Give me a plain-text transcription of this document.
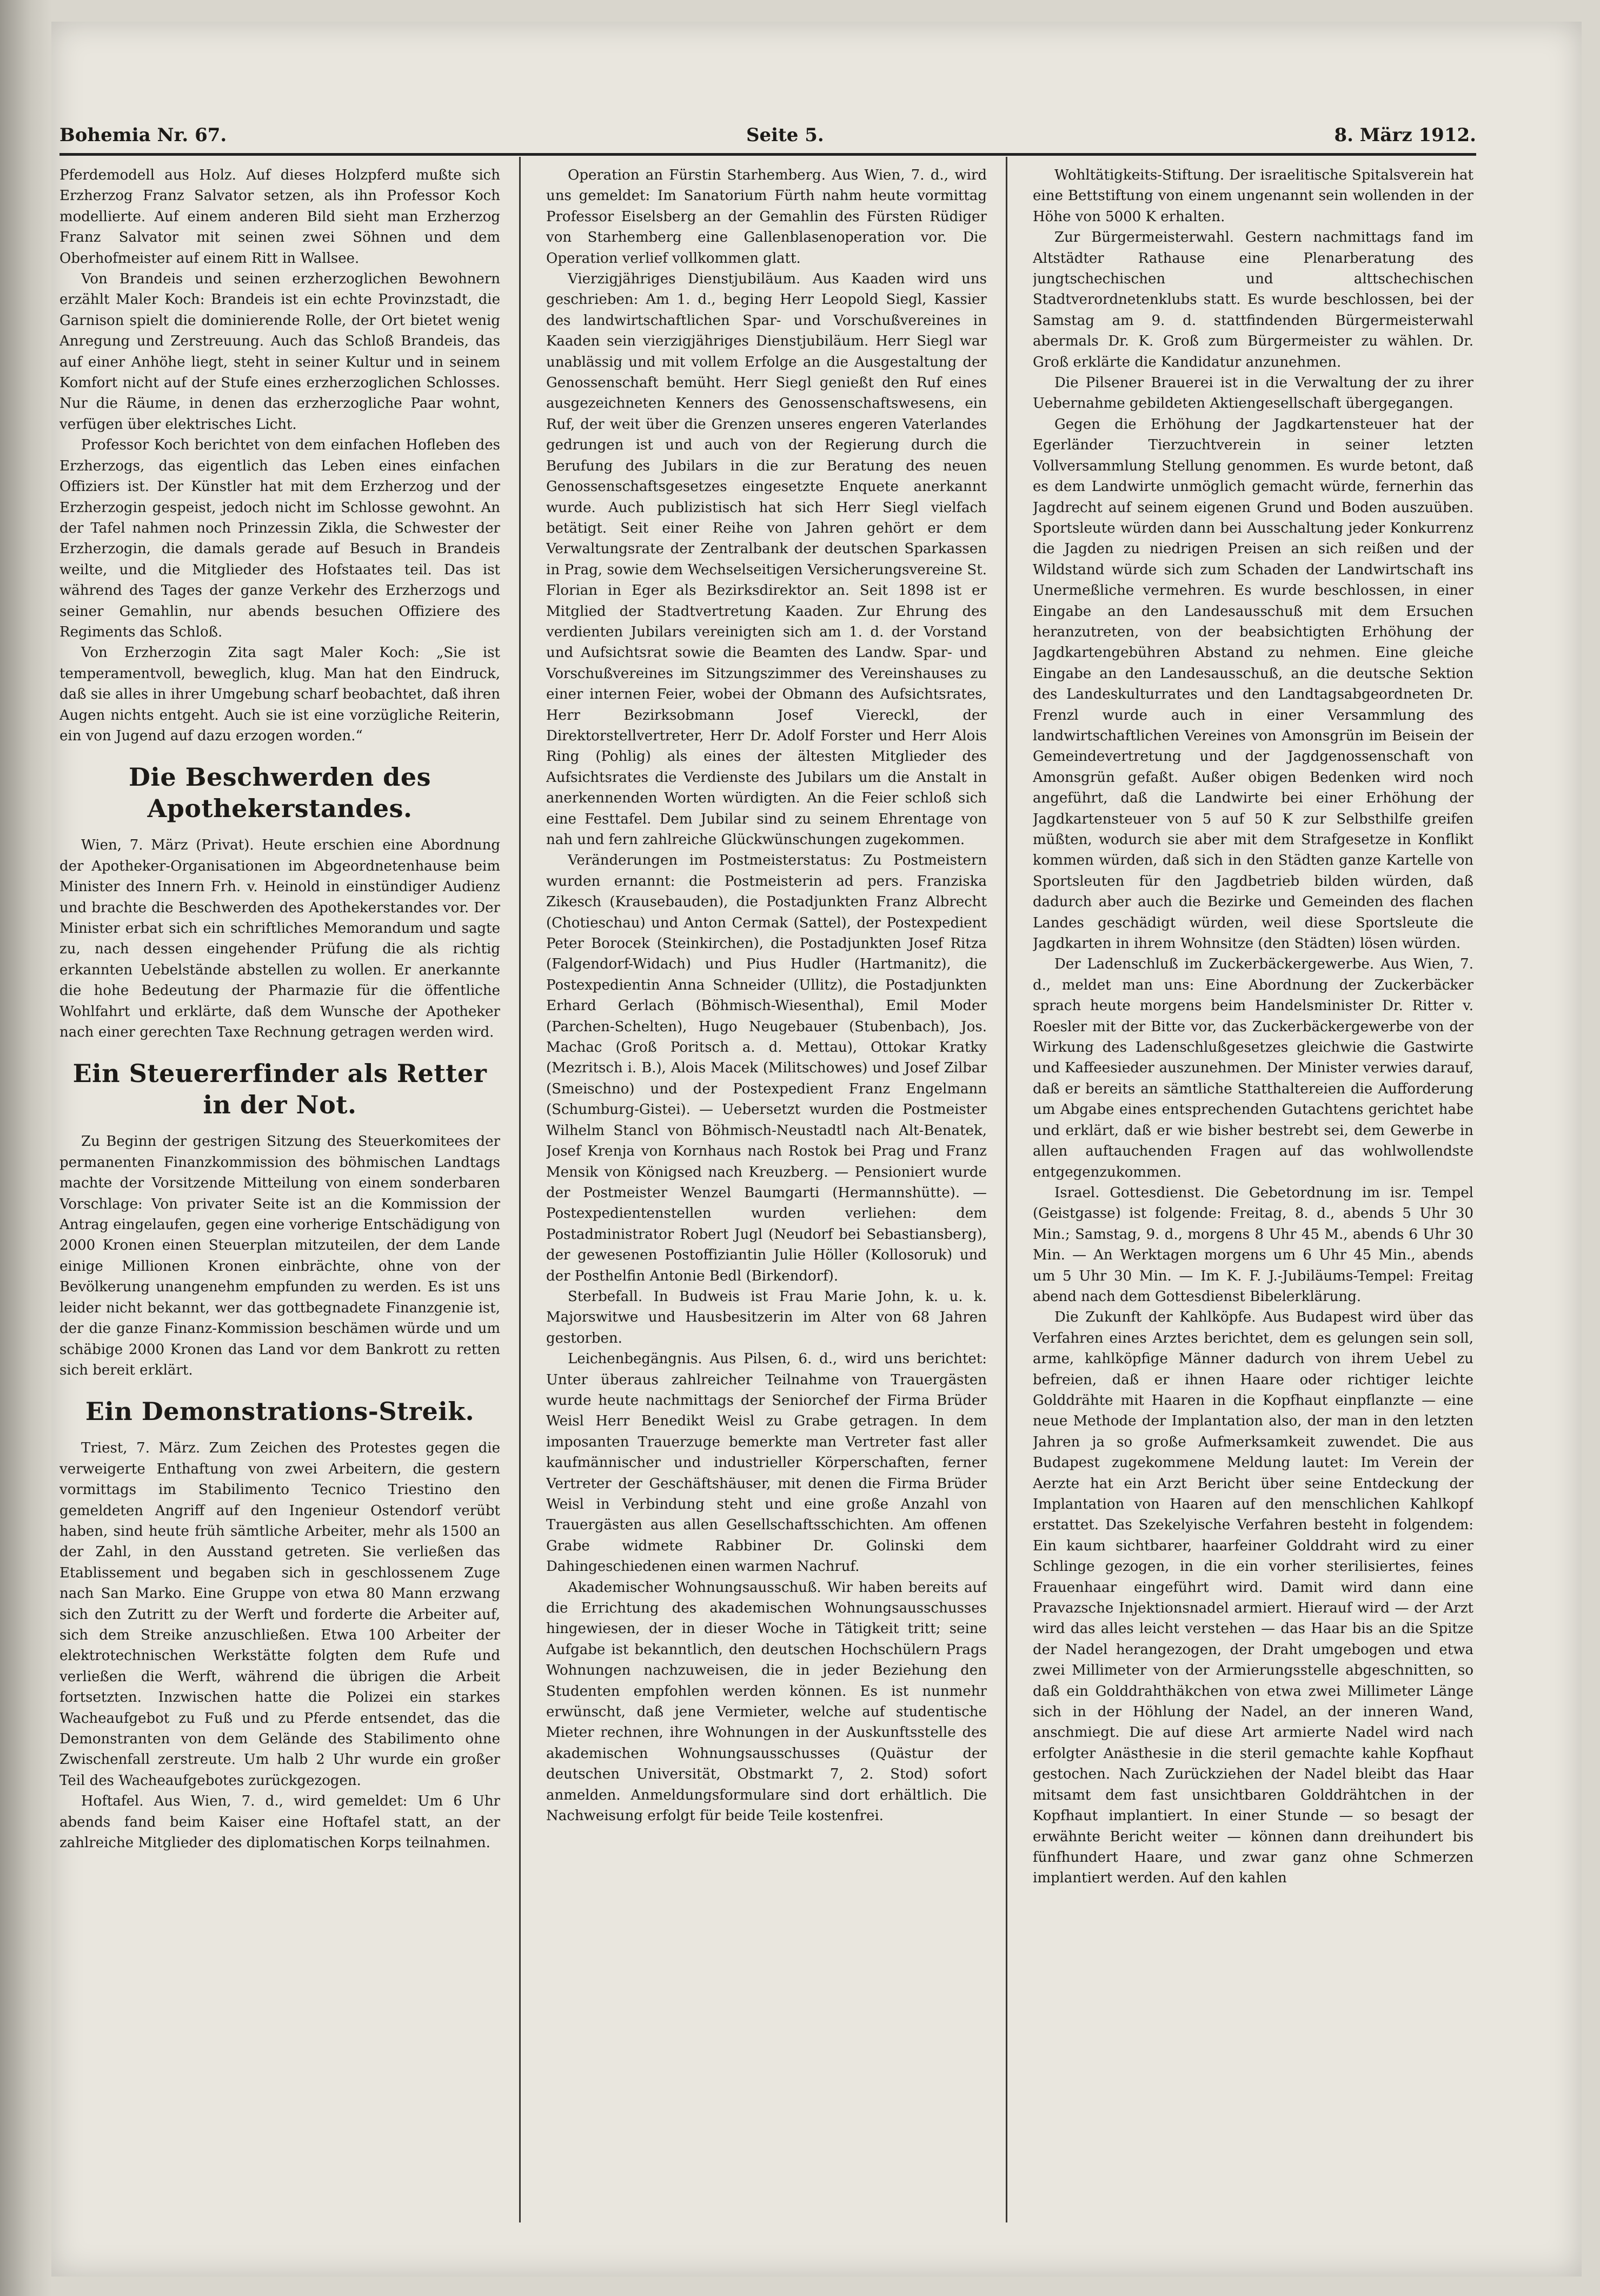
Bohemia Nr. 67.	Seite 5.	8. März 1912.

Pferdemodell aus Holz. Auf dieses Holzpferd mußte sich Erzherzog Franz Salvator setzen, als ihn Professor Koch modellierte. Auf einem anderen Bild sieht man Erzherzog Franz Salvator mit seinen zwei Söhnen und dem Oberhofmeister auf einem Ritt in Wallsee.

Von Brandeis und seinen erzherzoglichen Bewohnern erzählt Maler Koch: Brandeis ist ein echte Provinzstadt, die Garnison spielt die dominierende Rolle, der Ort bietet wenig Anregung und Zerstreuung. Auch das Schloß Brandeis, das auf einer Anhöhe liegt, steht in seiner Kultur und in seinem Komfort nicht auf der Stufe eines erzherzoglichen Schlosses. Nur die Räume, in denen das erzherzogliche Paar wohnt, verfügen über elektrisches Licht.

Professor Koch berichtet von dem einfachen Hofleben des Erzherzogs, das eigentlich das Leben eines einfachen Offiziers ist. Der Künstler hat mit dem Erzherzog und der Erzherzogin gespeist, jedoch nicht im Schlosse gewohnt. An der Tafel nahmen noch Prinzessin Zikla, die Schwester der Erzherzogin, die damals gerade auf Besuch in Brandeis weilte, und die Mitglieder des Hofstaates teil. Das ist während des Tages der ganze Verkehr des Erzherzogs und seiner Gemahlin, nur abends besuchen Offiziere des Regiments das Schloß.

Von Erzherzogin Zita sagt Maler Koch: „Sie ist temperamentvoll, beweglich, klug. Man hat den Eindruck, daß sie alles in ihrer Umgebung scharf beobachtet, daß ihren Augen nichts entgeht. Auch sie ist eine vorzügliche Reiterin, ein von Jugend auf dazu erzogen worden.“

Die Beschwerden des Apothekerstandes.

Wien, 7. März (Privat). Heute erschien eine Abordnung der Apotheker-Organisationen im Abgeordnetenhause beim Minister des Innern Frh. v. Heinold in einstündiger Audienz und brachte die Beschwerden des Apothekerstandes vor. Der Minister erbat sich ein schriftliches Memorandum und sagte zu, nach dessen eingehender Prüfung die als richtig erkannten Uebelstände abstellen zu wollen. Er anerkannte die hohe Bedeutung der Pharmazie für die öffentliche Wohlfahrt und erklärte, daß dem Wunsche der Apotheker nach einer gerechten Taxe Rechnung getragen werden wird.

Ein Steuererfinder als Retter in der Not.

Zu Beginn der gestrigen Sitzung des Steuerkomitees der permanenten Finanzkommission des böhmischen Landtags machte der Vorsitzende Mitteilung von einem sonderbaren Vorschlage: Von privater Seite ist an die Kommission der Antrag eingelaufen, gegen eine vorherige Entschädigung von 2000 Kronen einen Steuerplan mitzuteilen, der dem Lande einige Millionen Kronen einbrächte, ohne von der Bevölkerung unangenehm empfunden zu werden. Es ist uns leider nicht bekannt, wer das gottbegnadete Finanzgenie ist, der die ganze Finanz-Kommission beschämen würde und um schäbige 2000 Kronen das Land vor dem Bankrott zu retten sich bereit erklärt.

Ein Demonstrations-Streik.

Triest, 7. März. Zum Zeichen des Protestes gegen die verweigerte Enthaftung von zwei Arbeitern, die gestern vormittags im Stabilimento Tecnico Triestino den gemeldeten Angriff auf den Ingenieur Ostendorf verübt haben, sind heute früh sämtliche Arbeiter, mehr als 1500 an der Zahl, in den Ausstand getreten. Sie verließen das Etablissement und begaben sich in geschlossenem Zuge nach San Marko. Eine Gruppe von etwa 80 Mann erzwang sich den Zutritt zu der Werft und forderte die Arbeiter auf, sich dem Streike anzuschließen. Etwa 100 Arbeiter der elektrotechnischen Werkstätte folgten dem Rufe und verließen die Werft, während die übrigen die Arbeit fortsetzten. Inzwischen hatte die Polizei ein starkes Wacheaufgebot zu Fuß und zu Pferde entsendet, das die Demonstranten von dem Gelände des Stabilimento ohne Zwischenfall zerstreute. Um halb 2 Uhr wurde ein großer Teil des Wacheaufgebotes zurückgezogen.

Hoftafel. Aus Wien, 7. d., wird gemeldet: Um 6 Uhr abends fand beim Kaiser eine Hoftafel statt, an der zahlreiche Mitglieder des diplomatischen Korps teilnahmen.

Operation an Fürstin Starhemberg. Aus Wien, 7. d., wird uns gemeldet: Im Sanatorium Fürth nahm heute vormittag Professor Eiselsberg an der Gemahlin des Fürsten Rüdiger von Starhemberg eine Gallenblasenoperation vor. Die Operation verlief vollkommen glatt.

Vierzigjähriges Dienstjubiläum. Aus Kaaden wird uns geschrieben: Am 1. d., beging Herr Leopold Siegl, Kassier des landwirtschaftlichen Spar- und Vorschußvereines in Kaaden sein vierzigjähriges Dienstjubiläum. Herr Siegl war unablässig und mit vollem Erfolge an die Ausgestaltung der Genossenschaft bemüht. Herr Siegl genießt den Ruf eines ausgezeichneten Kenners des Genossenschaftswesens, ein Ruf, der weit über die Grenzen unseres engeren Vaterlandes gedrungen ist und auch von der Regierung durch die Berufung des Jubilars in die zur Beratung des neuen Genossenschaftsgesetzes eingesetzte Enquete anerkannt wurde. Auch publizistisch hat sich Herr Siegl vielfach betätigt. Seit einer Reihe von Jahren gehört er dem Verwaltungsrate der Zentralbank der deutschen Sparkassen in Prag, sowie dem Wechselseitigen Versicherungsvereine St. Florian in Eger als Bezirksdirektor an. Seit 1898 ist er Mitglied der Stadtvertretung Kaaden. Zur Ehrung des verdienten Jubilars vereinigten sich am 1. d. der Vorstand und Aufsichtsrat sowie die Beamten des Landw. Spar- und Vorschußvereines im Sitzungszimmer des Vereinshauses zu einer internen Feier, wobei der Obmann des Aufsichtsrates, Herr Bezirksobmann Josef Viereckl, der Direktorstellvertreter, Herr Dr. Adolf Forster und Herr Alois Ring (Pohlig) als eines der ältesten Mitglieder des Aufsichtsrates die Verdienste des Jubilars um die Anstalt in anerkennenden Worten würdigten. An die Feier schloß sich eine Festtafel. Dem Jubilar sind zu seinem Ehrentage von nah und fern zahlreiche Glückwünschungen zugekommen.

Veränderungen im Postmeisterstatus: Zu Postmeistern wurden ernannt: die Postmeisterin ad pers. Franziska Zikesch (Krausebauden), die Postadjunkten Franz Albrecht (Chotieschau) und Anton Cermak (Sattel), der Postexpedient Peter Borocek (Steinkirchen), die Postadjunkten Josef Ritza (Falgendorf-Widach) und Pius Hudler (Hartmanitz), die Postexpedientin Anna Schneider (Ullitz), die Postadjunkten Erhard Gerlach (Böhmisch-Wiesenthal), Emil Moder (Parchen-Schelten), Hugo Neugebauer (Stubenbach), Jos. Machac (Groß Poritsch a. d. Mettau), Ottokar Kratky (Mezritsch i. B.), Alois Macek (Militschowes) und Josef Zilbar (Smeischno) und der Postexpedient Franz Engelmann (Schumburg-Gistei). — Uebersetzt wurden die Postmeister Wilhelm Stancl von Böhmisch-Neustadtl nach Alt-Benatek, Josef Krenja von Kornhaus nach Rostok bei Prag und Franz Mensik von Königsed nach Kreuzberg. — Pensioniert wurde der Postmeister Wenzel Baumgarti (Hermannshütte). — Postexpedientenstellen wurden verliehen: dem Postadministrator Robert Jugl (Neudorf bei Sebastiansberg), der gewesenen Postoffiziantin Julie Höller (Kollosoruk) und der Posthelfin Antonie Bedl (Birkendorf).

Sterbefall. In Budweis ist Frau Marie John, k. u. k. Majorswitwe und Hausbesitzerin im Alter von 68 Jahren gestorben.

Leichenbegängnis. Aus Pilsen, 6. d., wird uns berichtet: Unter überaus zahlreicher Teilnahme von Trauergästen wurde heute nachmittags der Seniorchef der Firma Brüder Weisl Herr Benedikt Weisl zu Grabe getragen. In dem imposanten Trauerzuge bemerkte man Vertreter fast aller kaufmännischer und industrieller Körperschaften, ferner Vertreter der Geschäftshäuser, mit denen die Firma Brüder Weisl in Verbindung steht und eine große Anzahl von Trauergästen aus allen Gesellschaftsschichten. Am offenen Grabe widmete Rabbiner Dr. Golinski dem Dahingeschiedenen einen warmen Nachruf.

Akademischer Wohnungsausschuß. Wir haben bereits auf die Errichtung des akademischen Wohnungsausschusses hingewiesen, der in dieser Woche in Tätigkeit tritt; seine Aufgabe ist bekanntlich, den deutschen Hochschülern Prags Wohnungen nachzuweisen, die in jeder Beziehung den Studenten empfohlen werden können. Es ist nunmehr erwünscht, daß jene Vermieter, welche auf studentische Mieter rechnen, ihre Wohnungen in der Auskunftsstelle des akademischen Wohnungsausschusses (Quästur der deutschen Universität, Obstmarkt 7, 2. Stod) sofort anmelden. Anmeldungsformulare sind dort erhältlich. Die Nachweisung erfolgt für beide Teile kostenfrei.

Wohltätigkeits-Stiftung. Der israelitische Spitalsverein hat eine Bettstiftung von einem ungenannt sein wollenden in der Höhe von 5000 K erhalten.

Zur Bürgermeisterwahl. Gestern nachmittags fand im Altstädter Rathause eine Plenarberatung des jungtschechischen und alttschechischen Stadtverordnetenklubs statt. Es wurde beschlossen, bei der Samstag am 9. d. stattfindenden Bürgermeisterwahl abermals Dr. K. Groß zum Bürgermeister zu wählen. Dr. Groß erklärte die Kandidatur anzunehmen.

Die Pilsener Brauerei ist in die Verwaltung der zu ihrer Uebernahme gebildeten Aktiengesellschaft übergegangen.

Gegen die Erhöhung der Jagdkartensteuer hat der Egerländer Tierzuchtverein in seiner letzten Vollversammlung Stellung genommen. Es wurde betont, daß es dem Landwirte unmöglich gemacht würde, fernerhin das Jagdrecht auf seinem eigenen Grund und Boden auszuüben. Sportsleute würden dann bei Ausschaltung jeder Konkurrenz die Jagden zu niedrigen Preisen an sich reißen und der Wildstand würde sich zum Schaden der Landwirtschaft ins Unermeßliche vermehren. Es wurde beschlossen, in einer Eingabe an den Landesausschuß mit dem Ersuchen heranzutreten, von der beabsichtigten Erhöhung der Jagdkartengebühren Abstand zu nehmen. Eine gleiche Eingabe an den Landesausschuß, an die deutsche Sektion des Landeskulturrates und den Landtagsabgeordneten Dr. Frenzl wurde auch in einer Versammlung des landwirtschaftlichen Vereines von Amonsgrün im Beisein der Gemeindevertretung und der Jagdgenossenschaft von Amonsgrün gefaßt. Außer obigen Bedenken wird noch angeführt, daß die Landwirte bei einer Erhöhung der Jagdkartensteuer von 5 auf 50 K zur Selbsthilfe greifen müßten, wodurch sie aber mit dem Strafgesetze in Konflikt kommen würden, daß sich in den Städten ganze Kartelle von Sportsleuten für den Jagdbetrieb bilden würden, daß dadurch aber auch die Bezirke und Gemeinden des flachen Landes geschädigt würden, weil diese Sportsleute die Jagdkarten in ihrem Wohnsitze (den Städten) lösen würden.

Der Ladenschluß im Zuckerbäckergewerbe. Aus Wien, 7. d., meldet man uns: Eine Abordnung der Zuckerbäcker sprach heute morgens beim Handelsminister Dr. Ritter v. Roesler mit der Bitte vor, das Zuckerbäckergewerbe von der Wirkung des Ladenschlußgesetzes gleichwie die Gastwirte und Kaffeesieder auszunehmen. Der Minister verwies darauf, daß er bereits an sämtliche Statthaltereien die Aufforderung um Abgabe eines entsprechenden Gutachtens gerichtet habe und erklärt, daß er wie bisher bestrebt sei, dem Gewerbe in allen auftauchenden Fragen auf das wohlwollendste entgegenzukommen.

Israel. Gottesdienst. Die Gebetordnung im isr. Tempel (Geistgasse) ist folgende: Freitag, 8. d., abends 5 Uhr 30 Min.; Samstag, 9. d., morgens 8 Uhr 45 M., abends 6 Uhr 30 Min. — An Werktagen morgens um 6 Uhr 45 Min., abends um 5 Uhr 30 Min. — Im K. F. J.-Jubiläums-Tempel: Freitag abend nach dem Gottesdienst Bibelerklärung.

Die Zukunft der Kahlköpfe. Aus Budapest wird über das Verfahren eines Arztes berichtet, dem es gelungen sein soll, arme, kahlköpfige Männer dadurch von ihrem Uebel zu befreien, daß er ihnen Haare oder richtiger leichte Golddrähte mit Haaren in die Kopfhaut einpflanzte — eine neue Methode der Implantation also, der man in den letzten Jahren ja so große Aufmerksamkeit zuwendet. Die aus Budapest zugekommene Meldung lautet: Im Verein der Aerzte hat ein Arzt Bericht über seine Entdeckung der Implantation von Haaren auf den menschlichen Kahlkopf erstattet. Das Szekelyische Verfahren besteht in folgendem: Ein kaum sichtbarer, haarfeiner Golddraht wird zu einer Schlinge gezogen, in die ein vorher sterilisiertes, feines Frauenhaar eingeführt wird. Damit wird dann eine Pravazsche Injektionsnadel armiert. Hierauf wird — der Arzt wird das alles leicht verstehen — das Haar bis an die Spitze der Nadel herangezogen, der Draht umgebogen und etwa zwei Millimeter von der Armierungsstelle abgeschnitten, so daß ein Golddrahthäkchen von etwa zwei Millimeter Länge sich in der Höhlung der Nadel, an der inneren Wand, anschmiegt. Die auf diese Art armierte Nadel wird nach erfolgter Anästhesie in die steril gemachte kahle Kopfhaut gestochen. Nach Zurückziehen der Nadel bleibt das Haar mitsamt dem fast unsichtbaren Golddrähtchen in der Kopfhaut implantiert. In einer Stunde — so besagt der erwähnte Bericht weiter — können dann dreihundert bis fünfhundert Haare, und zwar ganz ohne Schmerzen implantiert werden. Auf den kahlen
